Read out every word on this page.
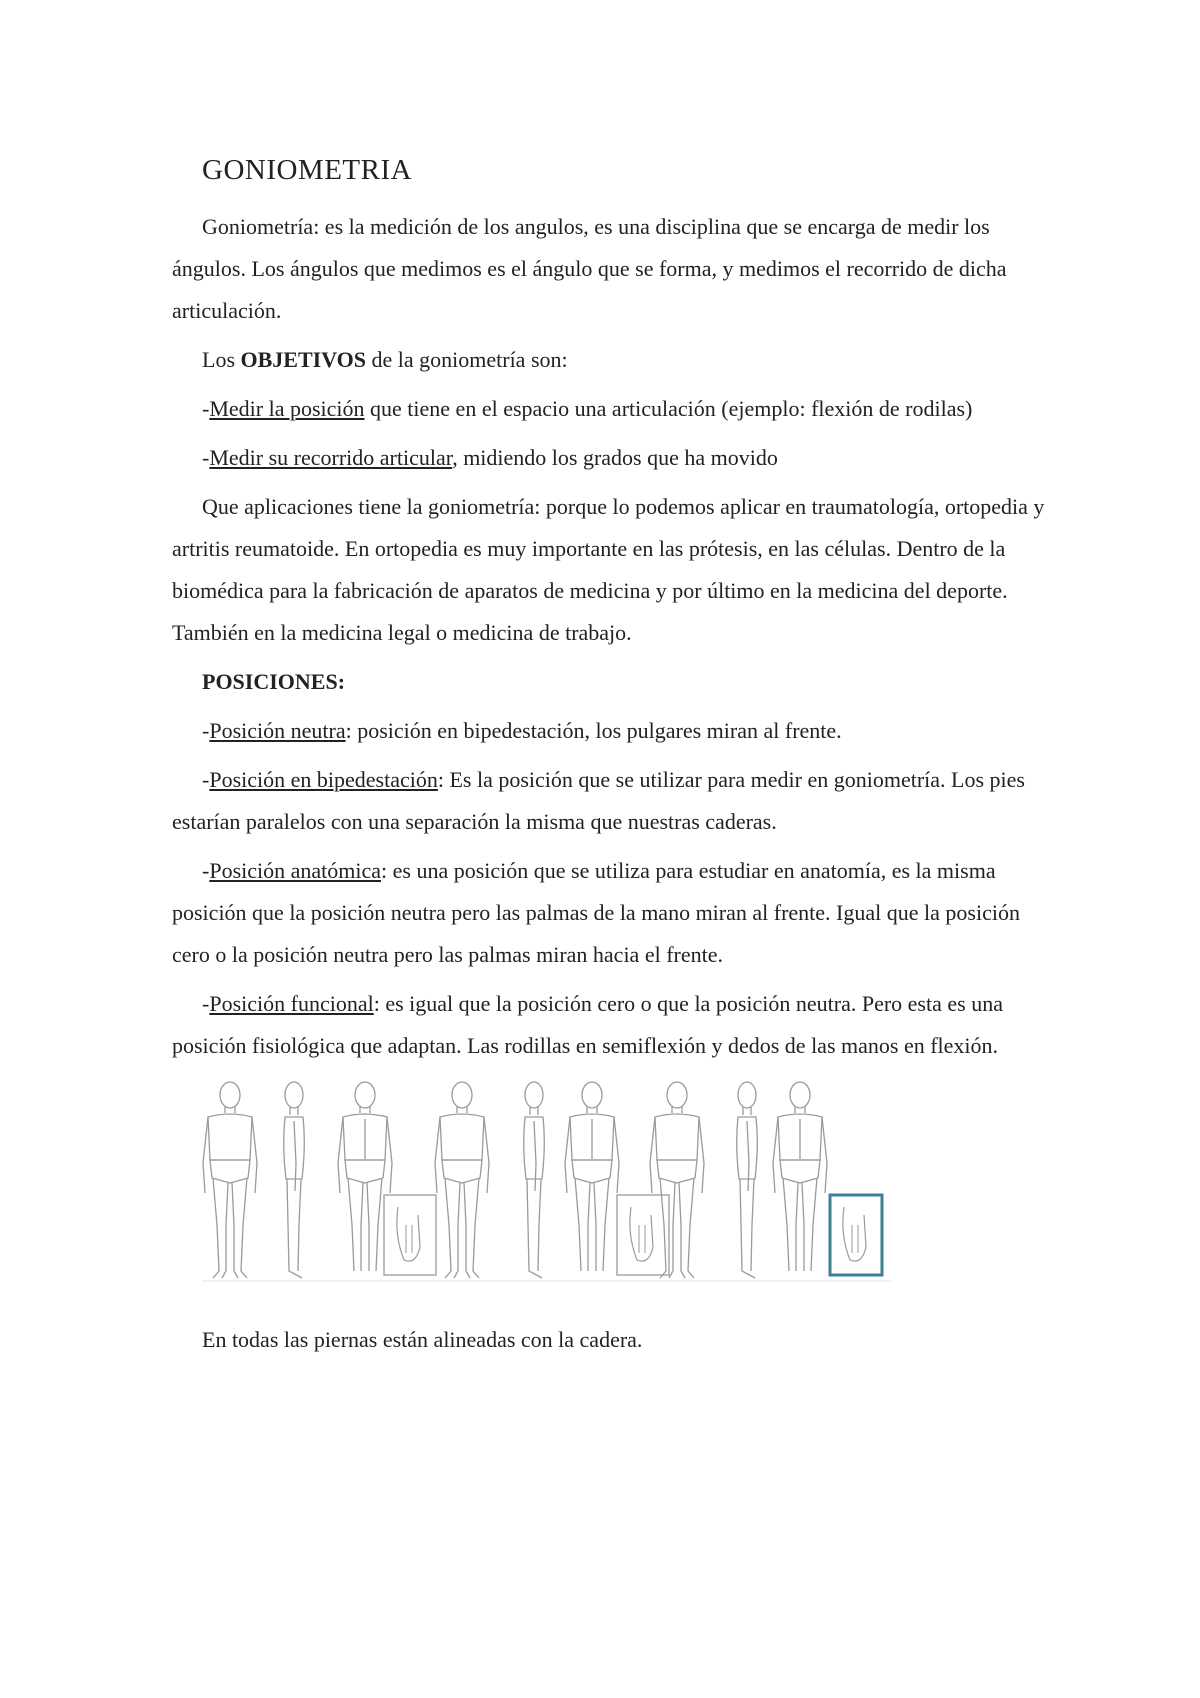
GONIOMETRIA

Goniometría: es la medición de los angulos, es una disciplina que se encarga de medir los ángulos. Los ángulos que medimos es el ángulo que se forma, y medimos el recorrido de dicha articulación.

Los OBJETIVOS de la goniometría son:

-Medir la posición que tiene en el espacio una articulación (ejemplo: flexión de rodilas)

-Medir su recorrido articular, midiendo los grados que ha movido

Que aplicaciones tiene la goniometría: porque lo podemos aplicar en traumatología, ortopedia y artritis reumatoide. En ortopedia es muy importante en las prótesis, en las células. Dentro de la biomédica para la fabricación de aparatos de medicina y por último en la medicina del deporte. También en la medicina legal o medicina de trabajo.

POSICIONES:

-Posición neutra: posición en bipedestación, los pulgares miran al frente.

-Posición en bipedestación: Es la posición que se utilizar para medir en goniometría. Los pies estarían paralelos con una separación la misma que nuestras caderas.

-Posición anatómica: es una posición que se utiliza para estudiar en anatomía, es la misma posición que la posición neutra pero las palmas de la mano miran al frente. Igual que la posición cero o la posición neutra pero las palmas miran hacia el frente.

-Posición funcional: es igual que la posición cero o que la posición neutra. Pero esta es una posición fisiológica que adaptan. Las rodillas en semiflexión y dedos de las manos en flexión.

En todas las piernas están alineadas con la cadera.
